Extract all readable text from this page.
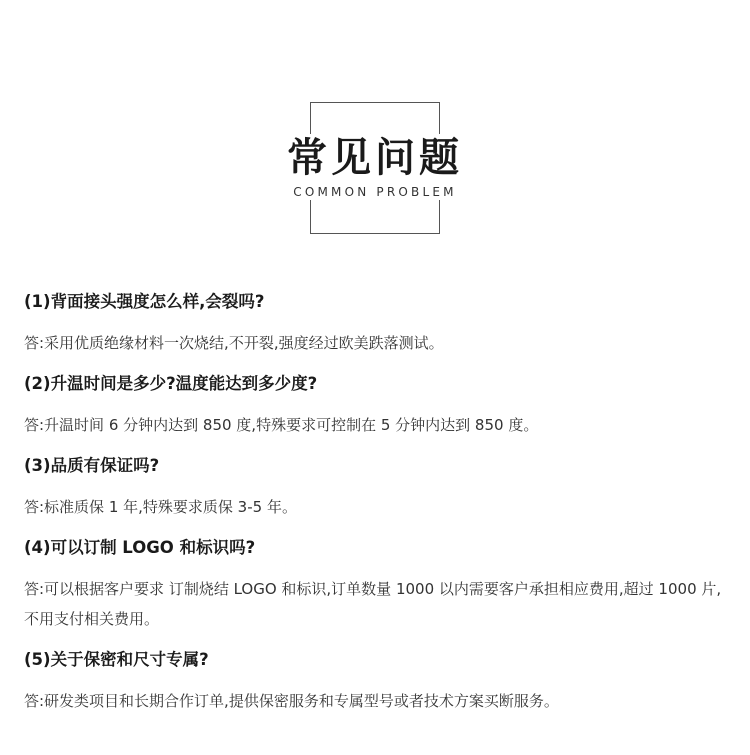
常见问题
COMMON PROBLEM
(1)背面接头强度怎么样,会裂吗?
答:采用优质绝缘材料一次烧结,不开裂,强度经过欧美跌落测试。
(2)升温时间是多少?温度能达到多少度?
答:升温时间 6 分钟内达到 850 度,特殊要求可控制在 5 分钟内达到 850 度。
(3)品质有保证吗?
答:标准质保 1 年,特殊要求质保 3-5 年。
(4)可以订制 LOGO 和标识吗?
答:可以根据客户要求 订制烧结 LOGO 和标识,订单数量 1000 以内需要客户承担相应费用,超过 1000 片,不用支付相关费用。
(5)关于保密和尺寸专属?
答:研发类项目和长期合作订单,提供保密服务和专属型号或者技术方案买断服务。
